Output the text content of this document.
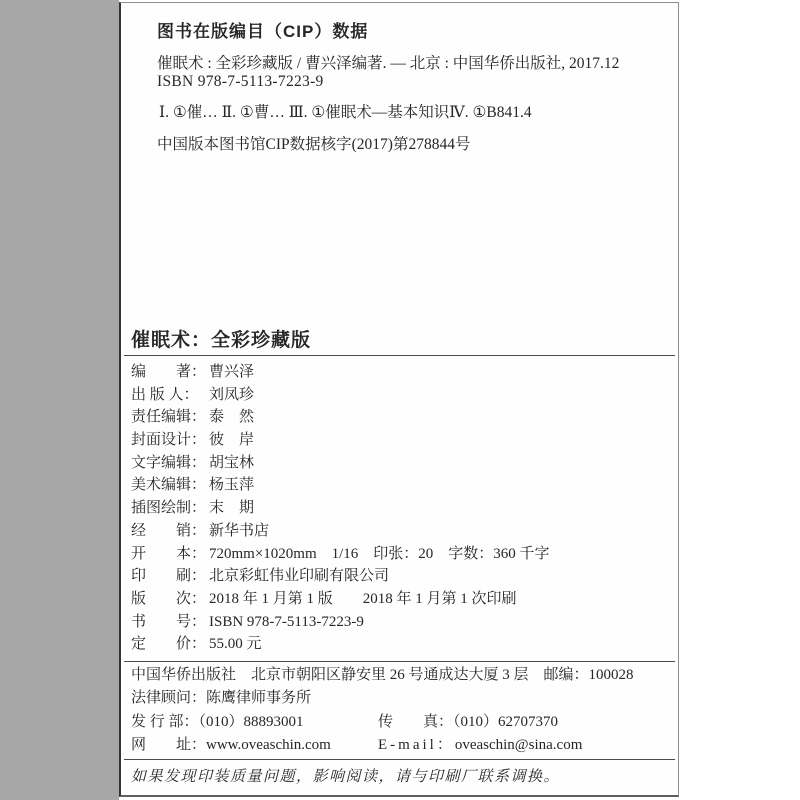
图书在版编目（CIP）数据
催眠术 : 全彩珍藏版 / 曹兴泽编著. — 北京 : 中国华侨出版社, 2017.12
ISBN 978-7-5113-7223-9
Ⅰ. ①催… Ⅱ. ①曹… Ⅲ. ①催眠术—基本知识Ⅳ. ①B841.4
中国版本图书馆CIP数据核字(2017)第278844号
催眠术：全彩珍藏版
编　　著： 曹兴泽
出 版 人： 刘凤珍
责任编辑： 泰　然
封面设计： 彼　岸
文字编辑： 胡宝林
美术编辑： 杨玉萍
插图绘制： 末　期
经　　销： 新华书店
开　　本： 720mm×1020mm　1/16　印张：20　字数：360 千字
印　　刷： 北京彩虹伟业印刷有限公司
版　　次： 2018 年 1 月第 1 版　　2018 年 1 月第 1 次印刷
书　　号： ISBN 978-7-5113-7223-9
定　　价： 55.00 元
中国华侨出版社　北京市朝阳区静安里 26 号通成达大厦 3 层　邮编：100028
法律顾问：陈鹰律师事务所
发 行 部：（010）88893001	传　　真：（010）62707370
网　　址：www.oveaschin.com	E-mail：oveaschin@sina.com
如果发现印装质量问题，影响阅读，请与印刷厂联系调换。
